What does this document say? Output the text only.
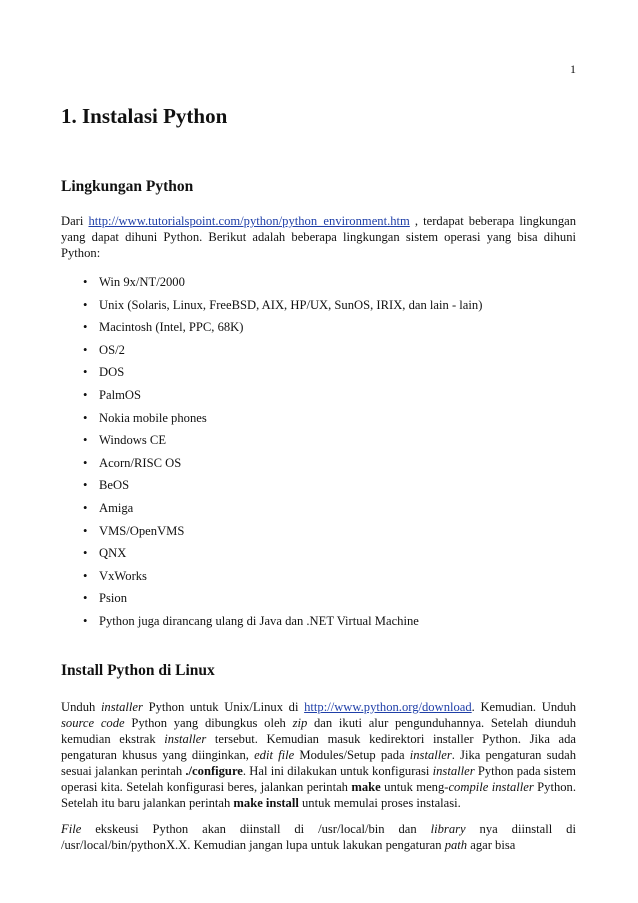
1
1. Instalasi Python
Lingkungan Python

Dari http://www.tutorialspoint.com/python/python_environment.htm , terdapat beberapa lingkungan yang dapat dihuni Python. Berikut adalah beberapa lingkungan sistem operasi yang bisa dihuni Python:

• Win 9x/NT/2000
• Unix (Solaris, Linux, FreeBSD, AIX, HP/UX, SunOS, IRIX, dan lain - lain)
• Macintosh (Intel, PPC, 68K)
• OS/2
• DOS
• PalmOS
• Nokia mobile phones
• Windows CE
• Acorn/RISC OS
• BeOS
• Amiga
• VMS/OpenVMS
• QNX
• VxWorks
• Psion
• Python juga dirancang ulang di Java dan .NET Virtual Machine
Install Python di Linux

Unduh installer Python untuk Unix/Linux di http://www.python.org/download. Kemudian. Unduh source code Python yang dibungkus oleh zip dan ikuti alur pengunduhannya. Setelah diunduh kemudian ekstrak installer tersebut. Kemudian masuk kedirektori installer Python. Jika ada pengaturan khusus yang diinginkan, edit file Modules/Setup pada installer. Jika pengaturan sudah sesuai jalankan perintah ./configure. Hal ini dilakukan untuk konfigurasi installer Python pada sistem operasi kita. Setelah konfigurasi beres, jalankan perintah make untuk meng-compile installer Python. Setelah itu baru jalankan perintah make install untuk memulai proses instalasi.

File ekskeusi Python akan diinstall di /usr/local/bin dan library nya diinstall di /usr/local/bin/pythonX.X. Kemudian jangan lupa untuk lakukan pengaturan path agar bisa
